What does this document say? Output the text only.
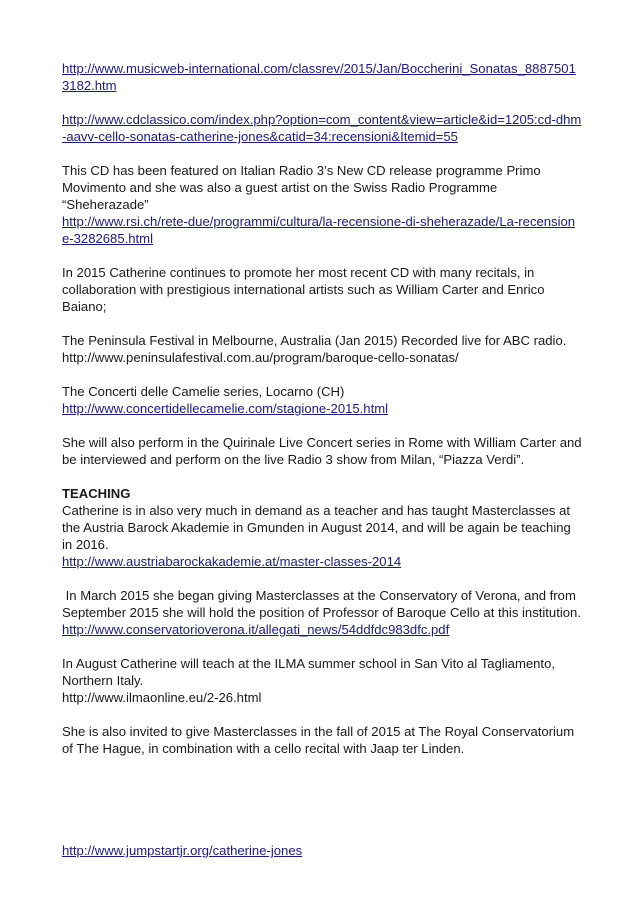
http://www.musicweb-international.com/classrev/2015/Jan/Boccherini_Sonatas_88875013182.htm

http://www.cdclassico.com/index.php?option=com_content&view=article&id=1205:cd-dhm-aavv-cello-sonatas-catherine-jones&catid=34:recensioni&Itemid=55

This CD has been featured on Italian Radio 3’s New CD release programme Primo Movimento and she was also a guest artist on the Swiss Radio Programme “Sheherazade”
http://www.rsi.ch/rete-due/programmi/cultura/la-recensione-di-sheherazade/La-recensione-3282685.html

In 2015 Catherine continues to promote her most recent CD with many recitals, in collaboration with prestigious international artists such as William Carter and Enrico Baiano;

The Peninsula Festival in Melbourne, Australia (Jan 2015) Recorded live for ABC radio.
http://www.peninsulafestival.com.au/program/baroque-cello-sonatas/

The Concerti delle Camelie series, Locarno (CH)
http://www.concertidellecamelie.com/stagione-2015.html

She will also perform in the Quirinale Live Concert series in Rome with William Carter and be interviewed and perform on the live Radio 3 show from Milan, “Piazza Verdi”.

TEACHING
Catherine is in also very much in demand as a teacher and has taught Masterclasses at the Austria Barock Akademie in Gmunden in August 2014, and will be again be teaching in 2016.
http://www.austriabarockakademie.at/master-classes-2014

In March 2015 she began giving Masterclasses at the Conservatory of Verona, and from September 2015 she will hold the position of Professor of Baroque Cello at this institution.
http://www.conservatorioverona.it/allegati_news/54ddfdc983dfc.pdf

In August Catherine will teach at the ILMA summer school in San Vito al Tagliamento, Northern Italy.
http://www.ilmaonline.eu/2-26.html

She is also invited to give Masterclasses in the fall of 2015 at The Royal Conservatorium of The Hague, in combination with a cello recital with Jaap ter Linden.

http://www.jumpstartjr.org/catherine-jones
